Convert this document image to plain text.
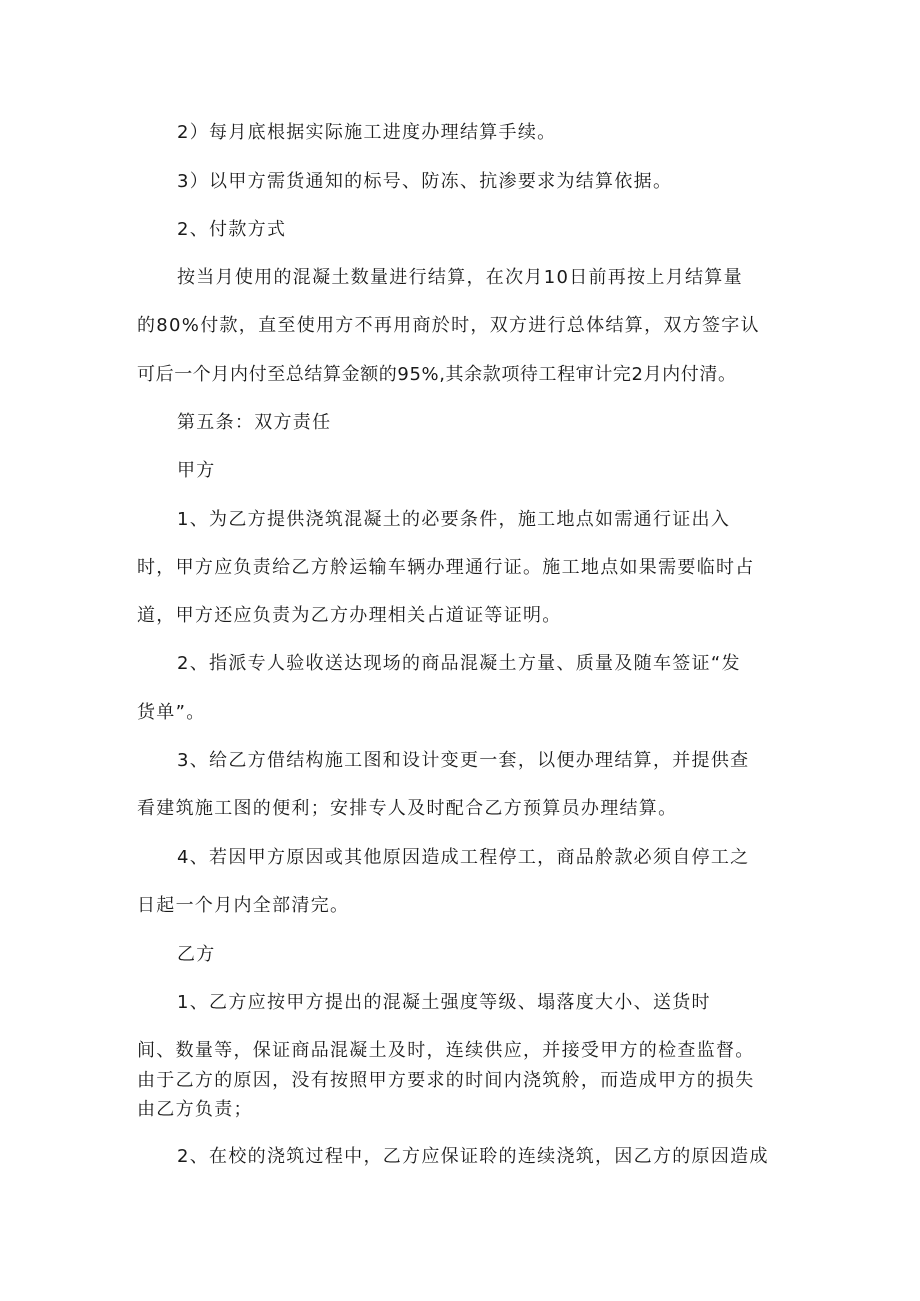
2）每月底根据实际施工进度办理结算手续。
3）以甲方需货通知的标号、防冻、抗渗要求为结算依据。
2、付款方式
按当月使用的混凝土数量进行结算，在次月10日前再按上月结算量
的80%付款，直至使用方不再用商於时，双方进行总体结算，双方签字认
可后一个月内付至总结算金额的95%,其余款项待工程审计完2月内付清。
第五条：双方责任
甲方
1、为乙方提供浇筑混凝土的必要条件，施工地点如需通行证出入
时，甲方应负责给乙方舲运输车辆办理通行证。施工地点如果需要临时占
道，甲方还应负责为乙方办理相关占道证等证明。
2、指派专人验收送达现场的商品混凝土方量、质量及随车签证“发
货单”。
3、给乙方借结构施工图和设计变更一套，以便办理结算，并提供查
看建筑施工图的便利；安排专人及时配合乙方预算员办理结算。
4、若因甲方原因或其他原因造成工程停工，商品舲款必须自停工之
日起一个月内全部清完。
乙方
1、乙方应按甲方提出的混凝土强度等级、塌落度大小、送货时
间、数量等，保证商品混凝土及时，连续供应，并接受甲方的检查监督。
由于乙方的原因，没有按照甲方要求的时间内浇筑舲，而造成甲方的损失
由乙方负责；
2、在校的浇筑过程中，乙方应保证聆的连续浇筑，因乙方的原因造成
